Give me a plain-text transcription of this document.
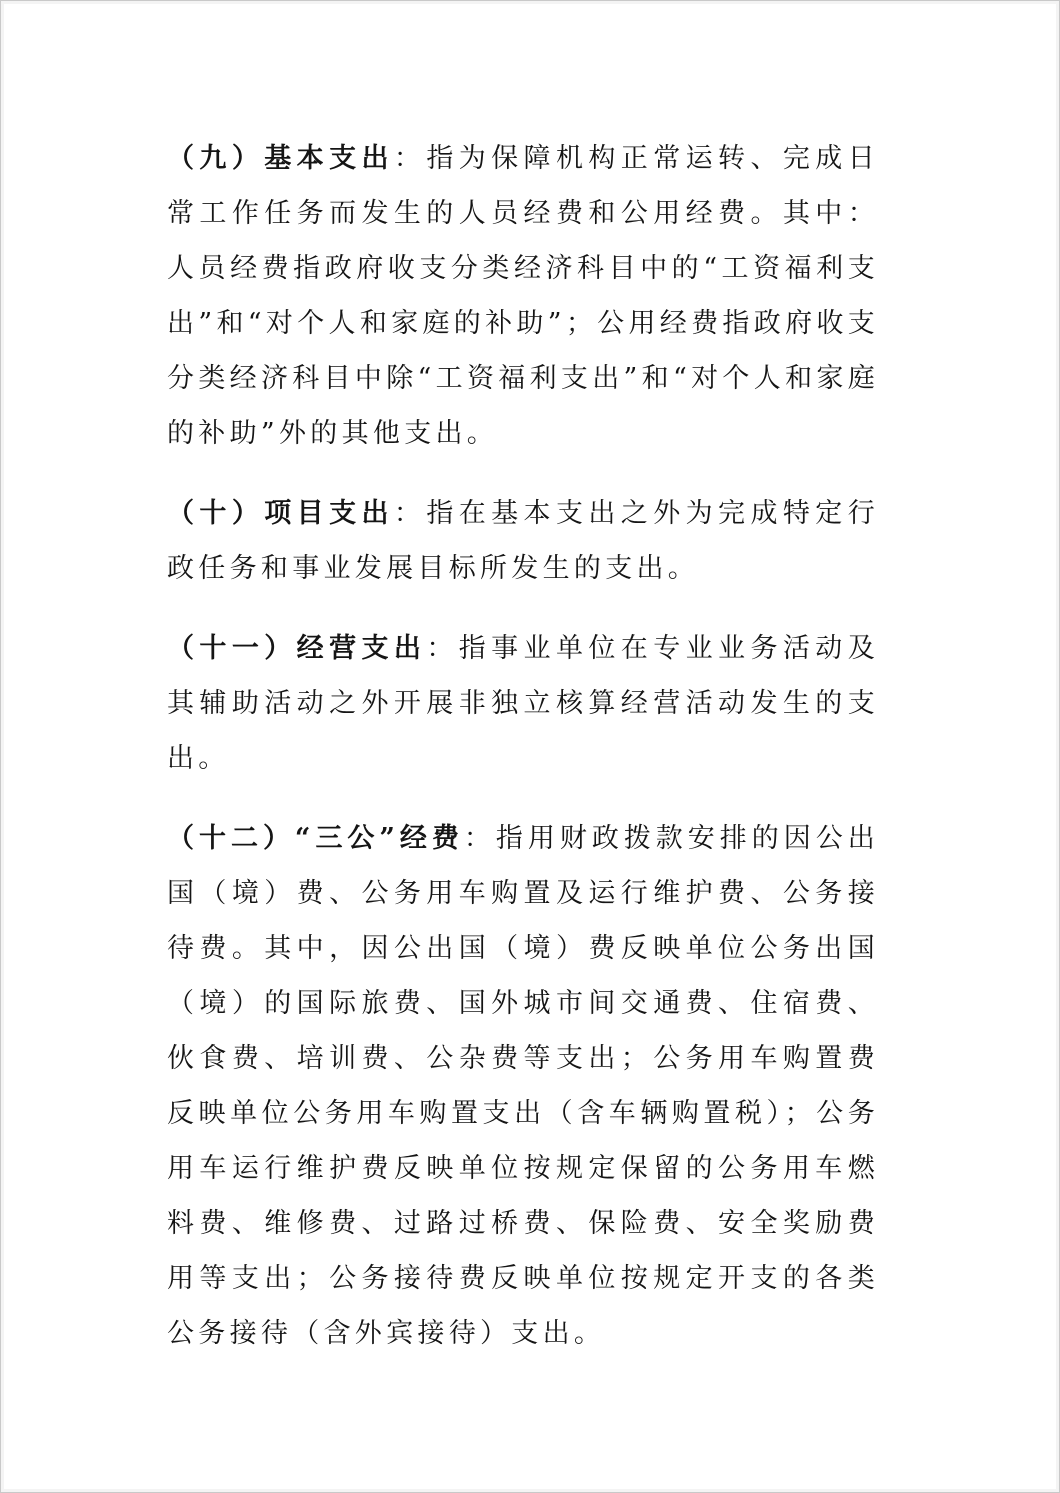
（九）基本支出：指为保障机构正常运转、完成日常工作任务而发生的人员经费和公用经费。其中：人员经费指政府收支分类经济科目中的“工资福利支出”和“对个人和家庭的补助”；公用经费指政府收支分类经济科目中除“工资福利支出”和“对个人和家庭的补助”外的其他支出。

（十）项目支出：指在基本支出之外为完成特定行政任务和事业发展目标所发生的支出。

（十一）经营支出：指事业单位在专业业务活动及其辅助活动之外开展非独立核算经营活动发生的支出。

（十二）“三公”经费：指用财政拨款安排的因公出国（境）费、公务用车购置及运行维护费、公务接待费。其中，因公出国（境）费反映单位公务出国（境）的国际旅费、国外城市间交通费、住宿费、伙食费、培训费、公杂费等支出；公务用车购置费反映单位公务用车购置支出（含车辆购置税）；公务用车运行维护费反映单位按规定保留的公务用车燃料费、维修费、过路过桥费、保险费、安全奖励费用等支出；公务接待费反映单位按规定开支的各类公务接待（含外宾接待）支出。
